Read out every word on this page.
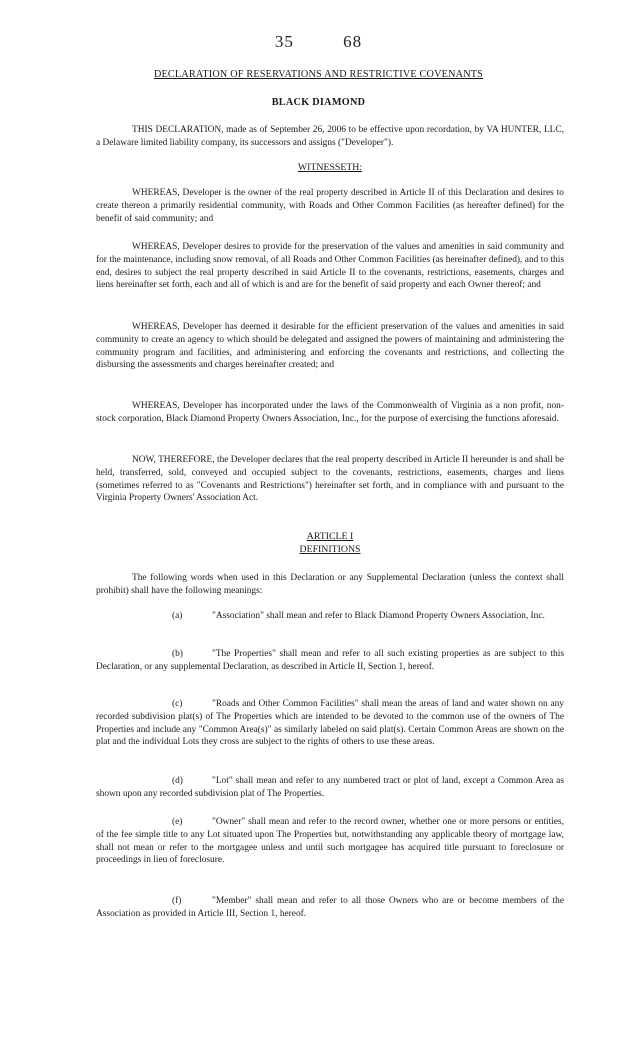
35	68
DECLARATION OF RESERVATIONS AND RESTRICTIVE COVENANTS
BLACK DIAMOND
THIS DECLARATION, made as of September 26, 2006 to be effective upon recordation, by VA HUNTER, LLC, a Delaware limited liability company, its successors and assigns ("Developer").
WITNESSETH:
WHEREAS, Developer is the owner of the real property described in Article II of this Declaration and desires to create thereon a primarily residential community, with Roads and Other Common Facilities (as hereafter defined) for the benefit of said community; and
WHEREAS, Developer desires to provide for the preservation of the values and amenities in said community and for the maintenance, including snow removal, of all Roads and Other Common Facilities (as hereinafter defined), and to this end, desires to subject the real property described in said Article II to the covenants, restrictions, easements, charges and liens hereinafter set forth, each and all of which is and are for the benefit of said property and each Owner thereof; and
WHEREAS, Developer has deemed it desirable for the efficient preservation of the values and amenities in said community to create an agency to which should be delegated and assigned the powers of maintaining and administering the community program and facilities, and administering and enforcing the covenants and restrictions, and collecting the disbursing the assessments and charges hereinafter created; and
WHEREAS, Developer has incorporated under the laws of the Commonwealth of Virginia as a non profit, non-stock corporation, Black Diamond Property Owners Association, Inc., for the purpose of exercising the functions aforesaid.
NOW, THEREFORE, the Developer declares that the real property described in Article II hereunder is and shall be held, transferred, sold, conveyed and occupied subject to the covenants, restrictions, easements, charges and liens (sometimes referred to as "Covenants and Restrictions") hereinafter set forth, and in compliance with and pursuant to the Virginia Property Owners' Association Act.
ARTICLE I
DEFINITIONS
The following words when used in this Declaration or any Supplemental Declaration (unless the context shall prohibit) shall have the following meanings:
(a)	"Association" shall mean and refer to Black Diamond Property Owners Association, Inc.
(b)	"The Properties" shall mean and refer to all such existing properties as are subject to this Declaration, or any supplemental Declaration, as described in Article II, Section 1, hereof.
(c)	"Roads and Other Common Facilities" shall mean the areas of land and water shown on any recorded subdivision plat(s) of The Properties which are intended to be devoted to the common use of the owners of The Properties and include any "Common Area(s)" as similarly labeled on said plat(s). Certain Common Areas are shown on the plat and the individual Lots they cross are subject to the rights of others to use these areas.
(d)	"Lot" shall mean and refer to any numbered tract or plot of land, except a Common Area as shown upon any recorded subdivision plat of The Properties.
(e)	"Owner" shall mean and refer to the record owner, whether one or more persons or entities, of the fee simple title to any Lot situated upon The Properties but, notwithstanding any applicable theory of mortgage law, shall not mean or refer to the mortgagee unless and until such mortgagee has acquired title pursuant to foreclosure or proceedings in lieu of foreclosure.
(f)	"Member" shall mean and refer to all those Owners who are or become members of the Association as provided in Article III, Section 1, hereof.
